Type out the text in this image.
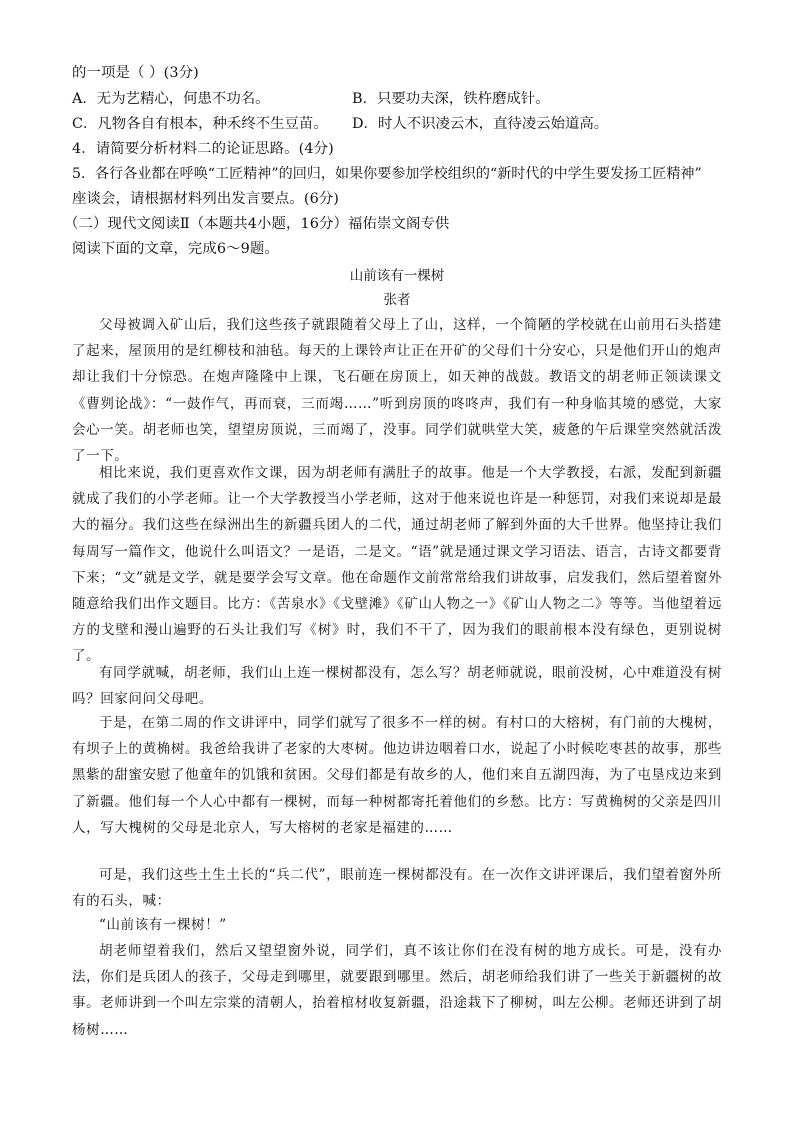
的一项是（ ）(3分)
A．无为艺精心，何患不功名。	B．只要功夫深，铁杵磨成针。
C．凡物各自有根本，种禾终不生豆苗。 D．时人不识凌云木，直待凌云始道高。
4．请简要分析材料二的论证思路。(4分)
5．各行各业都在呼唤“工匠精神”的回归，如果你要参加学校组织的“新时代的中学生要发扬工匠精神”
座谈会，请根据材料列出发言要点。(6分)
（二）现代文阅读Ⅱ（本题共4小题，16分）福佑崇文阁专供
阅读下面的文章，完成6～9题。
山前该有一棵树
张者
父母被调入矿山后，我们这些孩子就跟随着父母上了山，这样，一个简陋的学校就在山前用石头搭建了起来，屋顶用的是红柳枝和油毡。每天的上课铃声让正在开矿的父母们十分安心，只是他们开山的炮声却让我们十分惊恐。在炮声隆隆中上课，飞石砸在房顶上，如天神的战鼓。教语文的胡老师正领读课文《曹刿论战》：“一鼓作气，再而衰，三而竭……”听到房顶的咚咚声，我们有一种身临其境的感觉，大家会心一笑。胡老师也笑，望望房顶说，三而竭了，没事。同学们就哄堂大笑，疲惫的午后课堂突然就活泼了一下。
相比来说，我们更喜欢作文课，因为胡老师有满肚子的故事。他是一个大学教授，右派，发配到新疆就成了我们的小学老师。让一个大学教授当小学老师，这对于他来说也许是一种惩罚，对我们来说却是最大的福分。我们这些在绿洲出生的新疆兵团人的二代，通过胡老师了解到外面的大千世界。他坚持让我们每周写一篇作文，他说什么叫语文？一是语，二是文。“语”就是通过课文学习语法、语言，古诗文都要背下来；“文”就是文学，就是要学会写文章。他在命题作文前常常给我们讲故事，启发我们，然后望着窗外随意给我们出作文题目。比方：《苦泉水》《戈壁滩》《矿山人物之一》《矿山人物之二》等等。当他望着远方的戈壁和漫山遍野的石头让我们写《树》时，我们不干了，因为我们的眼前根本没有绿色，更别说树了。
有同学就喊，胡老师，我们山上连一棵树都没有，怎么写？胡老师就说，眼前没树，心中难道没有树吗？回家问问父母吧。
于是，在第二周的作文讲评中，同学们就写了很多不一样的树。有村口的大榕树，有门前的大槐树，有坝子上的黄桷树。我爸给我讲了老家的大枣树。他边讲边咽着口水，说起了小时候吃枣甚的故事，那些黑紫的甜蜜安慰了他童年的饥饿和贫困。父母们都是有故乡的人，他们来自五湖四海，为了屯垦戍边来到了新疆。他们每一个人心中都有一棵树，而每一种树都寄托着他们的乡愁。比方：写黄桷树的父亲是四川人，写大槐树的父母是北京人，写大榕树的老家是福建的……
可是，我们这些土生土长的“兵二代”，眼前连一棵树都没有。在一次作文讲评课后，我们望着窗外所有的石头，喊：
“山前该有一棵树！”
胡老师望着我们，然后又望望窗外说，同学们，真不该让你们在没有树的地方成长。可是，没有办法，你们是兵团人的孩子，父母走到哪里，就要跟到哪里。然后，胡老师给我们讲了一些关于新疆树的故事。老师讲到一个叫左宗棠的清朝人，抬着棺材收复新疆，沿途栽下了柳树，叫左公柳。老师还讲到了胡杨树……
